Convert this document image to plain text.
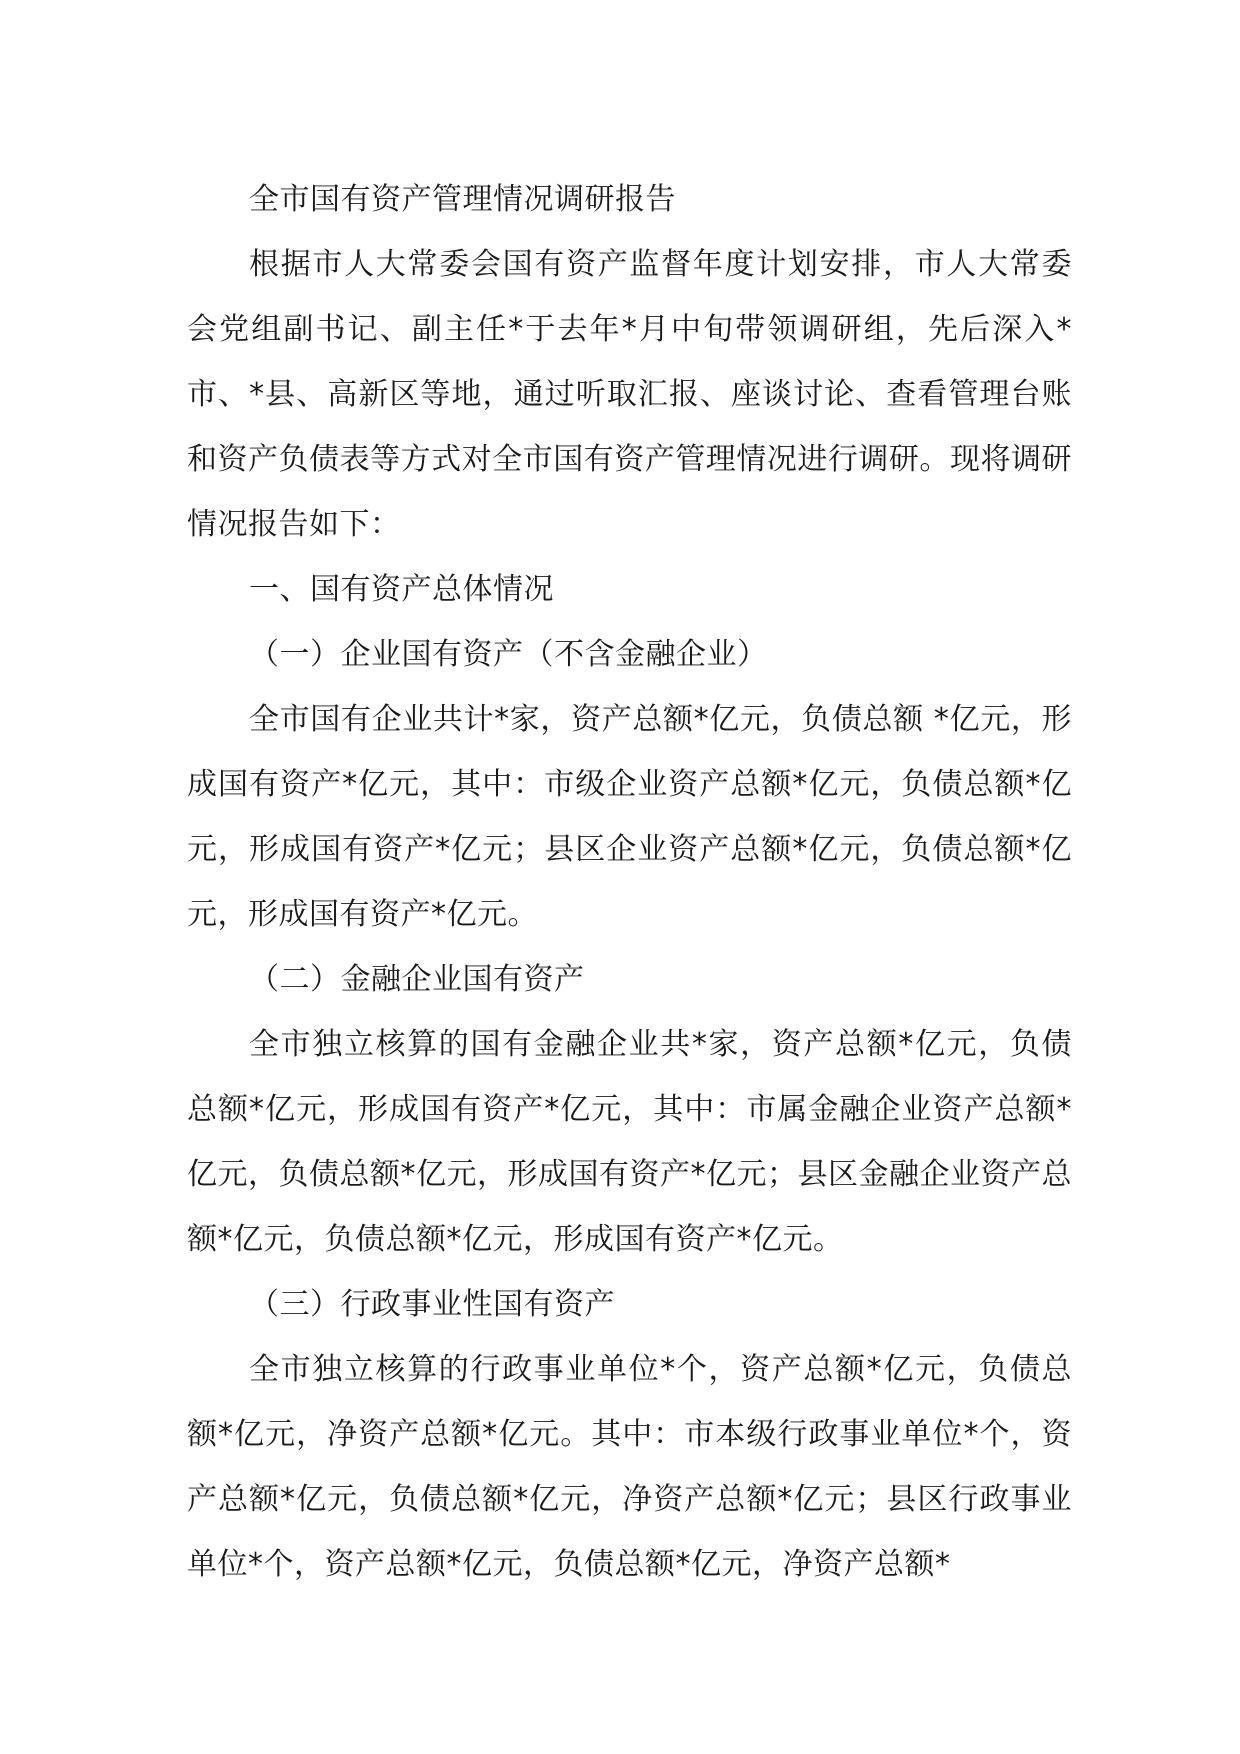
全市国有资产管理情况调研报告

根据市人大常委会国有资产监督年度计划安排，市人大常委会党组副书记、副主任*于去年*月中旬带领调研组，先后深入*市、*县、高新区等地，通过听取汇报、座谈讨论、查看管理台账和资产负债表等方式对全市国有资产管理情况进行调研。现将调研情况报告如下：

一、国有资产总体情况

（一）企业国有资产（不含金融企业）

全市国有企业共计*家，资产总额*亿元，负债总额 *亿元，形成国有资产*亿元，其中：市级企业资产总额*亿元，负债总额*亿元，形成国有资产*亿元；县区企业资产总额*亿元，负债总额*亿元，形成国有资产*亿元。

（二）金融企业国有资产

全市独立核算的国有金融企业共*家，资产总额*亿元，负债总额*亿元，形成国有资产*亿元，其中：市属金融企业资产总额*亿元，负债总额*亿元，形成国有资产*亿元；县区金融企业资产总额*亿元，负债总额*亿元，形成国有资产*亿元。

（三）行政事业性国有资产

全市独立核算的行政事业单位*个，资产总额*亿元，负债总额*亿元，净资产总额*亿元。其中：市本级行政事业单位*个，资产总额*亿元，负债总额*亿元，净资产总额*亿元；县区行政事业单位*个，资产总额*亿元，负债总额*亿元，净资产总额*
